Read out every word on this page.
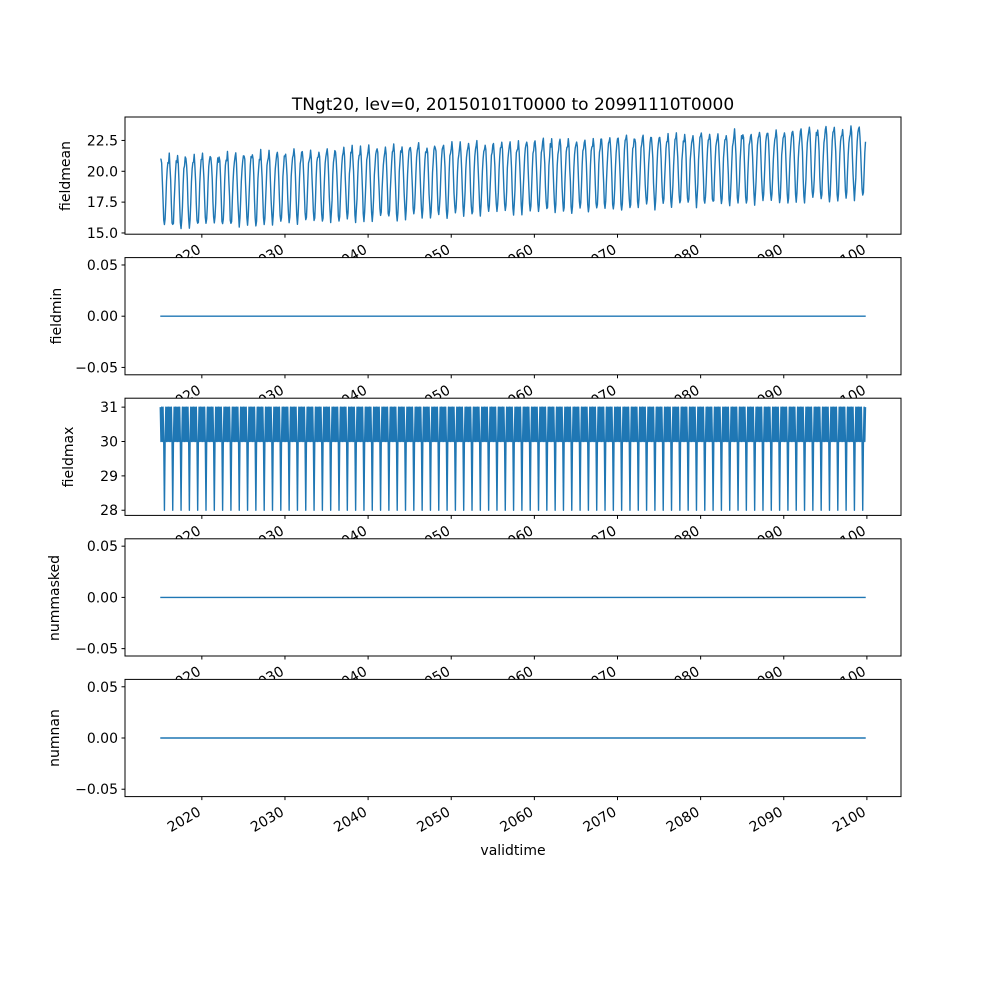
15.0
17.5
20.0
22.5
0.05
0.00
−0.05
28
29
30
31
0.05
0.00
−0.05
0.05
0.00
−0.05
2020	2030	2040	2050	2060	2070	2080	2090	2100
TNgt20, lev=0, 20150101T0000 to 20991110T0000
validtime
fieldmean
fieldmin
fieldmax
nummasked
numnan
